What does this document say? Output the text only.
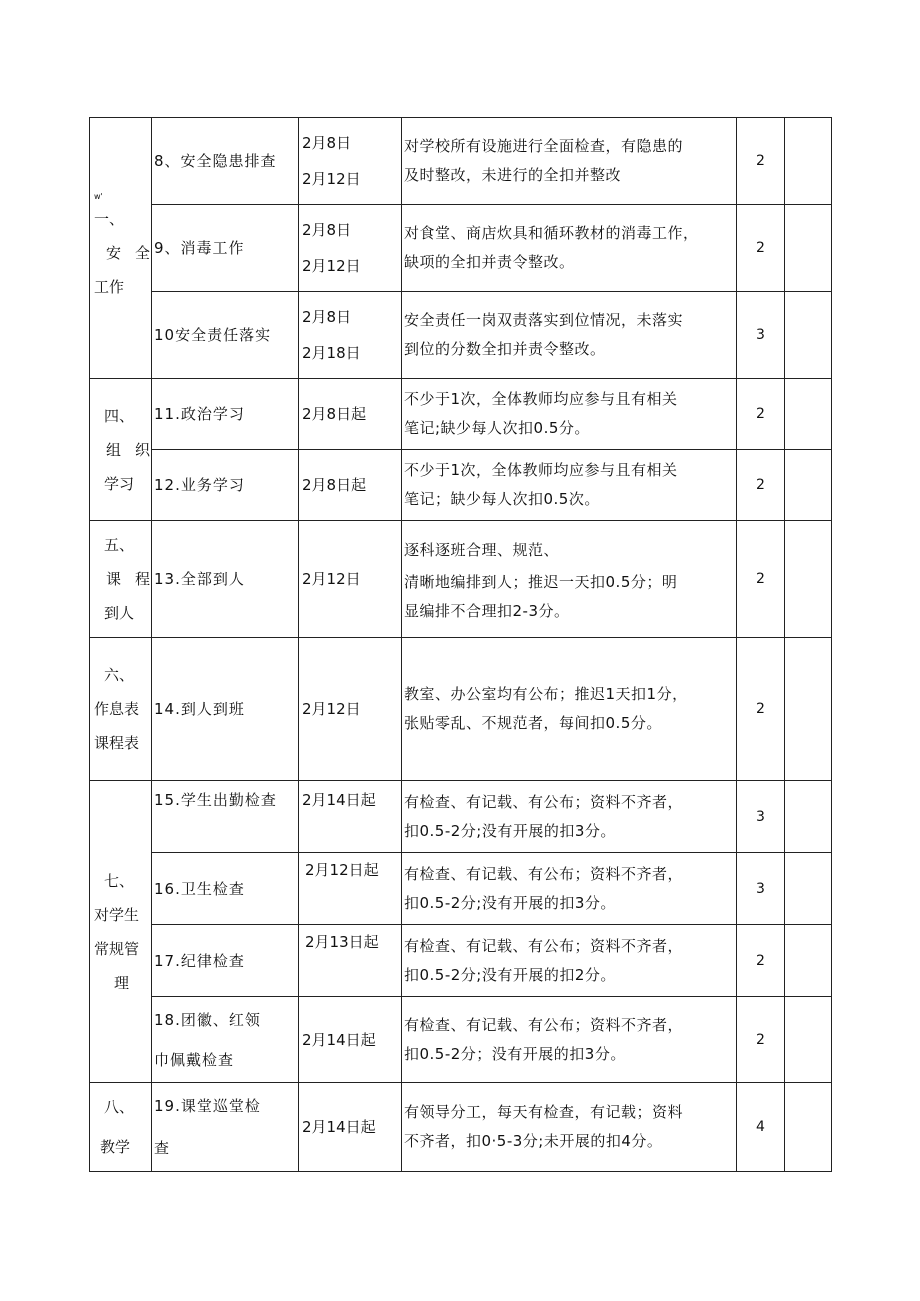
w'
一、
安全
工作	8、安全隐患排查	2月8日
2月12日	对学校所有设施进行全面检查，有隐患的
及时整改，未进行的全扣并整改	2	
	9、消毒工作	2月8日
2月12日	对食堂、商店炊具和循环教材的消毒工作，
缺项的全扣并责令整改。	2	
	10安全责任落实	2月8日
2月18日	安全责任一岗双责落实到位情况，未落实
到位的分数全扣并责令整改。	3	

四、
组织
学习	11.政治学习	2月8日起	不少于1次，全体教师均应参与且有相关
笔记;缺少每人次扣0.5分。	2	
	12.业务学习	2月8日起	不少于1次，全体教师均应参与且有相关
笔记；缺少每人次扣0.5次。	2	

五、
课程
到人	13.全部到人	2月12日	逐科逐班合理、规范、
清晰地编排到人；推迟一天扣0.5分；明
显编排不合理扣2-3分。	2	

六、
作息表
课程表	14.到人到班	2月12日	教室、办公室均有公布；推迟1天扣1分，
张贴零乱、不规范者，每间扣0.5分。	2	

七、
对学生
常规管
理	15.学生出勤检查	2月14日起	有检查、有记载、有公布；资料不齐者，
扣0.5-2分;没有开展的扣3分。	3	
	16.卫生检查	2月12日起	有检查、有记载、有公布；资料不齐者，
扣0.5-2分;没有开展的扣3分。	3	
	17.纪律检查	2月13日起	有检查、有记载、有公布；资料不齐者，
扣0.5-2分;没有开展的扣2分。	2	

	18.团徽、红领
巾佩戴检查	2月14日起	有检查、有记载、有公布；资料不齐者，
扣0.5-2分；没有开展的扣3分。	2	

八、
教学	19.课堂巡堂检
查	2月14日起	有领导分工，每天有检查，有记载；资料
不齐者，扣0·5-3分;未开展的扣4分。	4	
